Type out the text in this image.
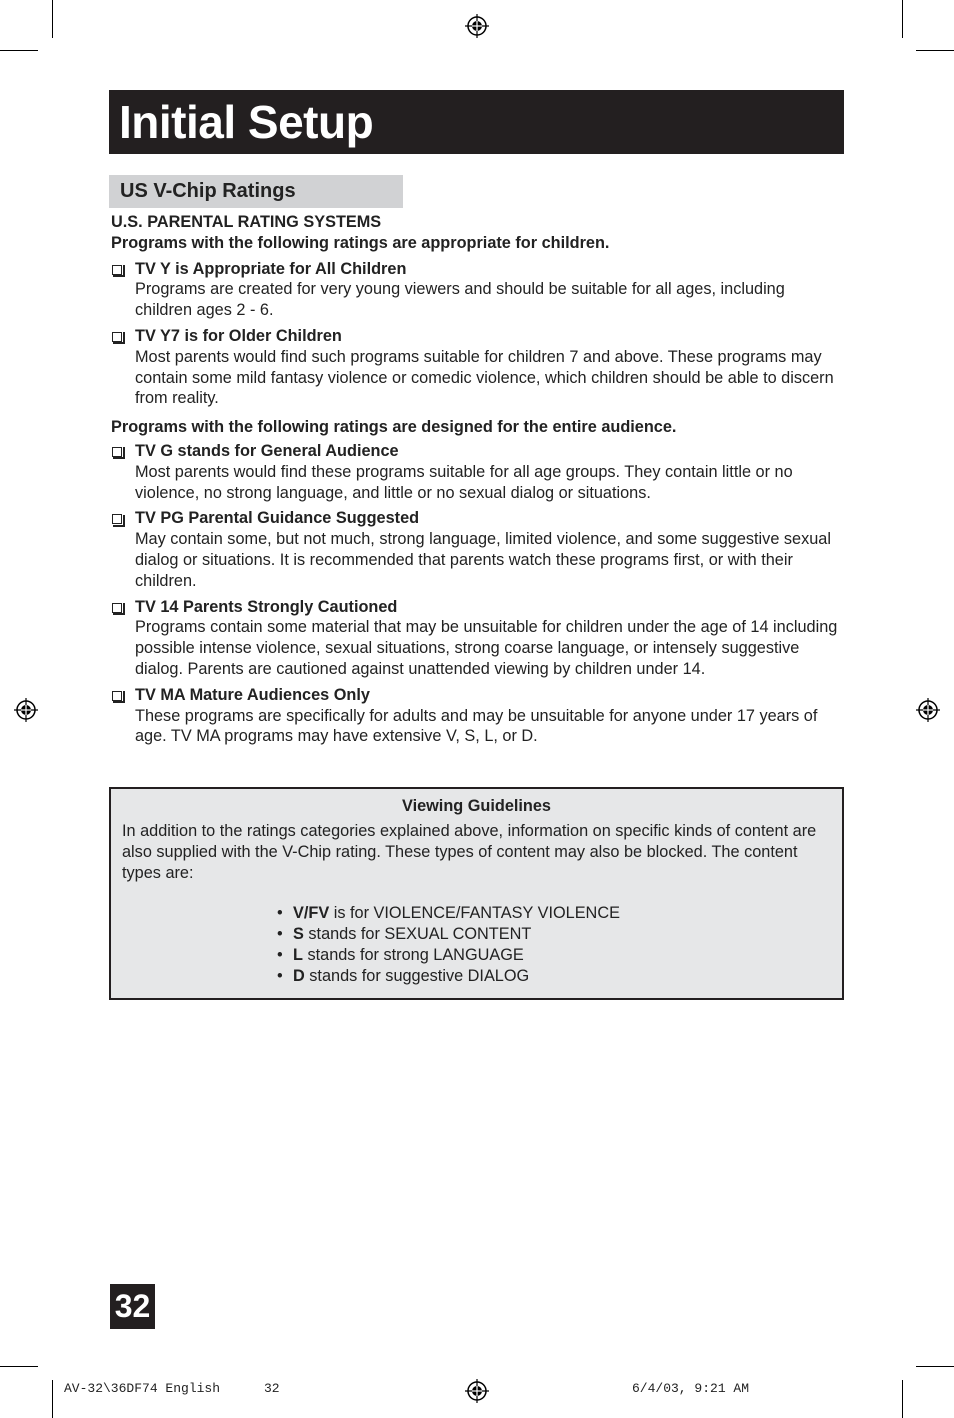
Initial Setup
US V-Chip Ratings
U.S. PARENTAL RATING SYSTEMS
Programs with the following ratings are appropriate for children.
TV Y is Appropriate for All Children
Programs are created for very young viewers and should be suitable for all ages, including children ages 2 - 6.
TV Y7 is for Older Children
Most parents would find such programs suitable for children 7 and above. These programs may contain some mild fantasy violence or comedic violence, which children should be able to discern from reality.
Programs with the following ratings are designed for the entire audience.
TV G stands for General Audience
Most parents would find these programs suitable for all age groups. They contain little or no violence, no strong language, and little or no sexual dialog or situations.
TV PG Parental Guidance Suggested
May contain some, but not much, strong language, limited violence, and some suggestive sexual dialog or situations. It is recommended that parents watch these programs first, or with their children.
TV 14 Parents Strongly Cautioned
Programs contain some material that may be unsuitable for children under the age of 14 including possible intense violence, sexual situations, strong coarse language, or intensely suggestive dialog. Parents are cautioned against unattended viewing by children under 14.
TV MA Mature Audiences Only
These programs are specifically for adults and may be unsuitable for anyone under 17 years of age. TV MA programs may have extensive V, S, L, or D.
Viewing Guidelines
In addition to the ratings categories explained above, information on specific kinds of content are also supplied with the V-Chip rating. These types of content may also be blocked. The content types are:
• V/FV is for VIOLENCE/FANTASY VIOLENCE
• S stands for SEXUAL CONTENT
• L stands for strong LANGUAGE
• D stands for suggestive DIALOG
32
AV-32\36DF74 English	32	6/4/03, 9:21 AM
